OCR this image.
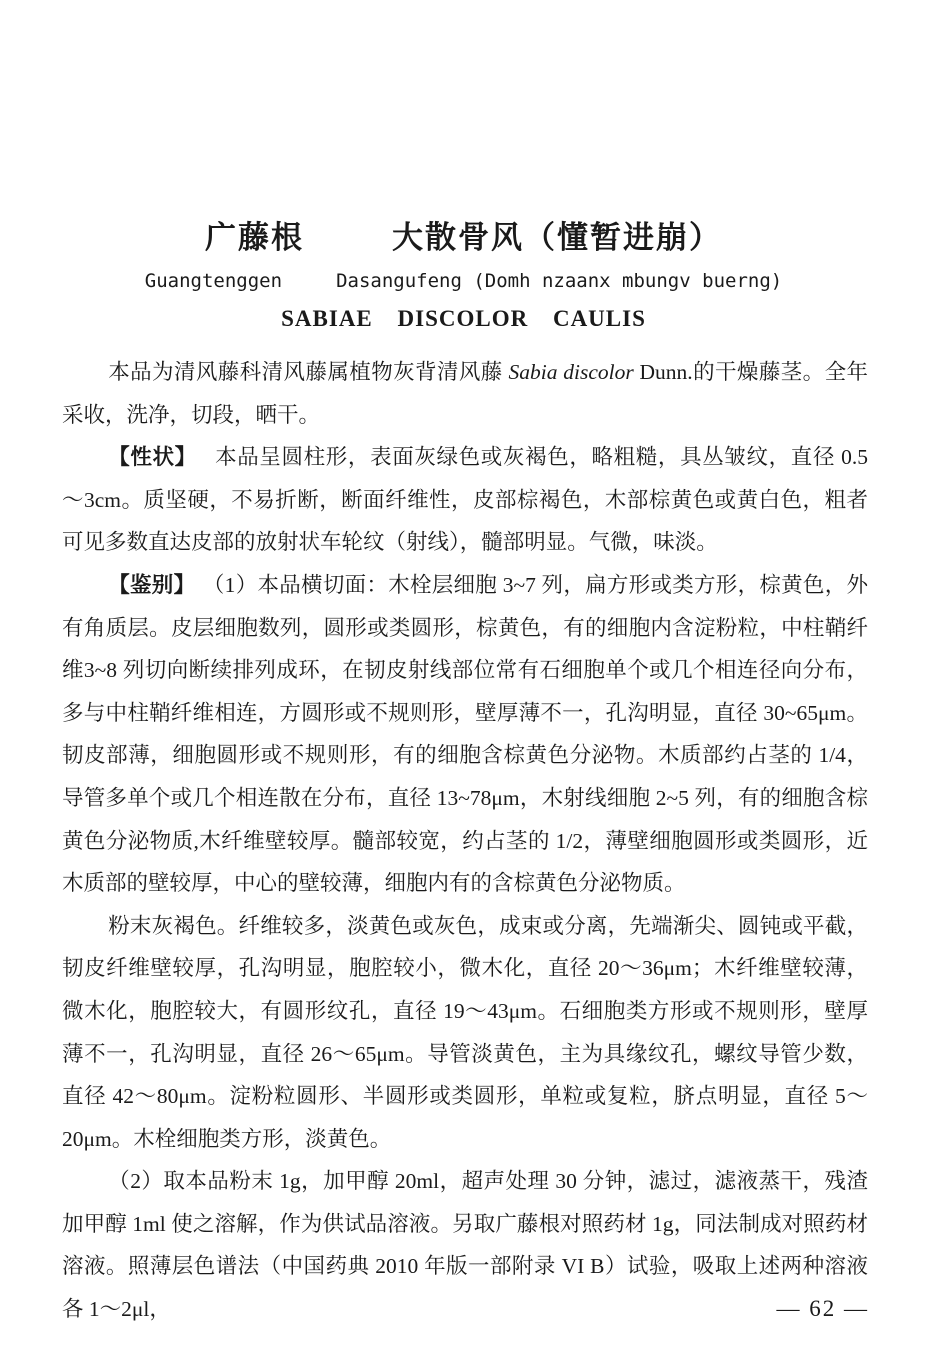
广藤根	大散骨风（懂暂进崩）
Guangtenggen	Dasangufeng (Domh nzaanx mbungv buerng)
SABIAE DISCOLOR CAULIS

本品为清风藤科清风藤属植物灰背清风藤 Sabia discolor Dunn.的干燥藤茎。全年采收，洗净，切段，晒干。

【性状】 本品呈圆柱形，表面灰绿色或灰褐色，略粗糙，具丛皱纹，直径 0.5～3cm。质坚硬，不易折断，断面纤维性，皮部棕褐色，木部棕黄色或黄白色，粗者可见多数直达皮部的放射状车轮纹（射线），髓部明显。气微，味淡。

【鉴别】 （1）本品横切面：木栓层细胞 3~7 列，扁方形或类方形，棕黄色，外有角质层。皮层细胞数列，圆形或类圆形，棕黄色，有的细胞内含淀粉粒，中柱鞘纤维3~8 列切向断续排列成环，在韧皮射线部位常有石细胞单个或几个相连径向分布，多与中柱鞘纤维相连，方圆形或不规则形，壁厚薄不一，孔沟明显，直径 30~65μm。韧皮部薄，细胞圆形或不规则形，有的细胞含棕黄色分泌物。木质部约占茎的 1/4，导管多单个或几个相连散在分布，直径 13~78μm，木射线细胞 2~5 列，有的细胞含棕黄色分泌物质,木纤维壁较厚。髓部较宽，约占茎的 1/2，薄壁细胞圆形或类圆形，近木质部的壁较厚，中心的壁较薄，细胞内有的含棕黄色分泌物质。

粉末灰褐色。纤维较多，淡黄色或灰色，成束或分离，先端渐尖、圆钝或平截，韧皮纤维壁较厚，孔沟明显，胞腔较小，微木化，直径 20～36μm；木纤维壁较薄，微木化，胞腔较大，有圆形纹孔，直径 19～43μm。石细胞类方形或不规则形，壁厚薄不一，孔沟明显，直径 26～65μm。导管淡黄色，主为具缘纹孔，螺纹导管少数，直径 42～80μm。淀粉粒圆形、半圆形或类圆形，单粒或复粒，脐点明显，直径 5～20μm。木栓细胞类方形，淡黄色。

（2）取本品粉末 1g，加甲醇 20ml，超声处理 30 分钟，滤过，滤液蒸干，残渣加甲醇 1ml 使之溶解，作为供试品溶液。另取广藤根对照药材 1g，同法制成对照药材溶液。照薄层色谱法（中国药典 2010 年版一部附录 VI B）试验，吸取上述两种溶液各 1～2μl，	— 62 —
